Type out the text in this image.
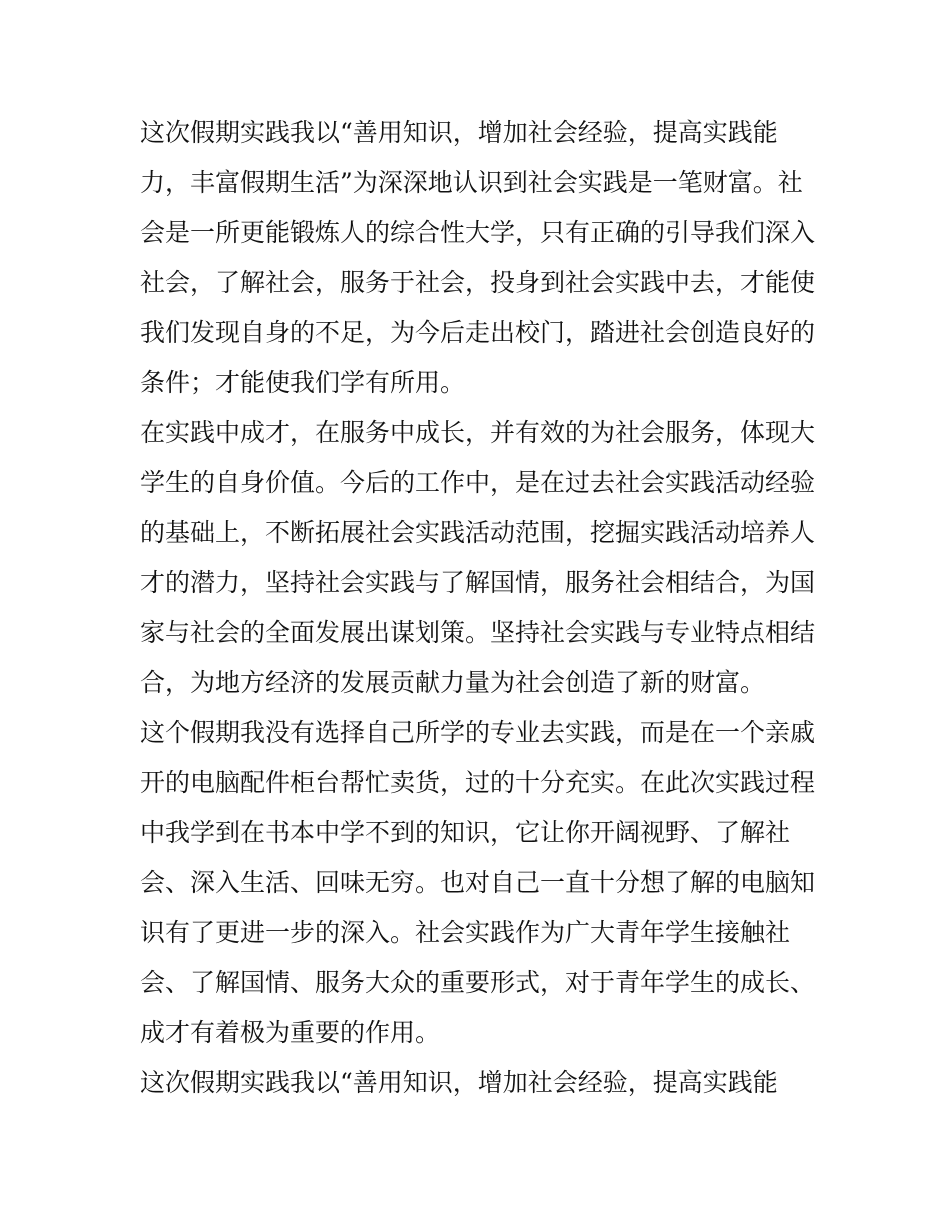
这次假期实践我以“善用知识，增加社会经验，提高实践能
力，丰富假期生活”为深深地认识到社会实践是一笔财富。社
会是一所更能锻炼人的综合性大学，只有正确的引导我们深入
社会，了解社会，服务于社会，投身到社会实践中去，才能使
我们发现自身的不足，为今后走出校门，踏进社会创造良好的
条件；才能使我们学有所用。
在实践中成才，在服务中成长，并有效的为社会服务，体现大
学生的自身价值。今后的工作中，是在过去社会实践活动经验
的基础上，不断拓展社会实践活动范围，挖掘实践活动培养人
才的潜力，坚持社会实践与了解国情，服务社会相结合，为国
家与社会的全面发展出谋划策。坚持社会实践与专业特点相结
合，为地方经济的发展贡献力量为社会创造了新的财富。
这个假期我没有选择自己所学的专业去实践，而是在一个亲戚
开的电脑配件柜台帮忙卖货，过的十分充实。在此次实践过程
中我学到在书本中学不到的知识，它让你开阔视野、了解社
会、深入生活、回味无穷。也对自己一直十分想了解的电脑知
识有了更进一步的深入。社会实践作为广大青年学生接触社
会、了解国情、服务大众的重要形式，对于青年学生的成长、
成才有着极为重要的作用。
这次假期实践我以“善用知识，增加社会经验，提高实践能
